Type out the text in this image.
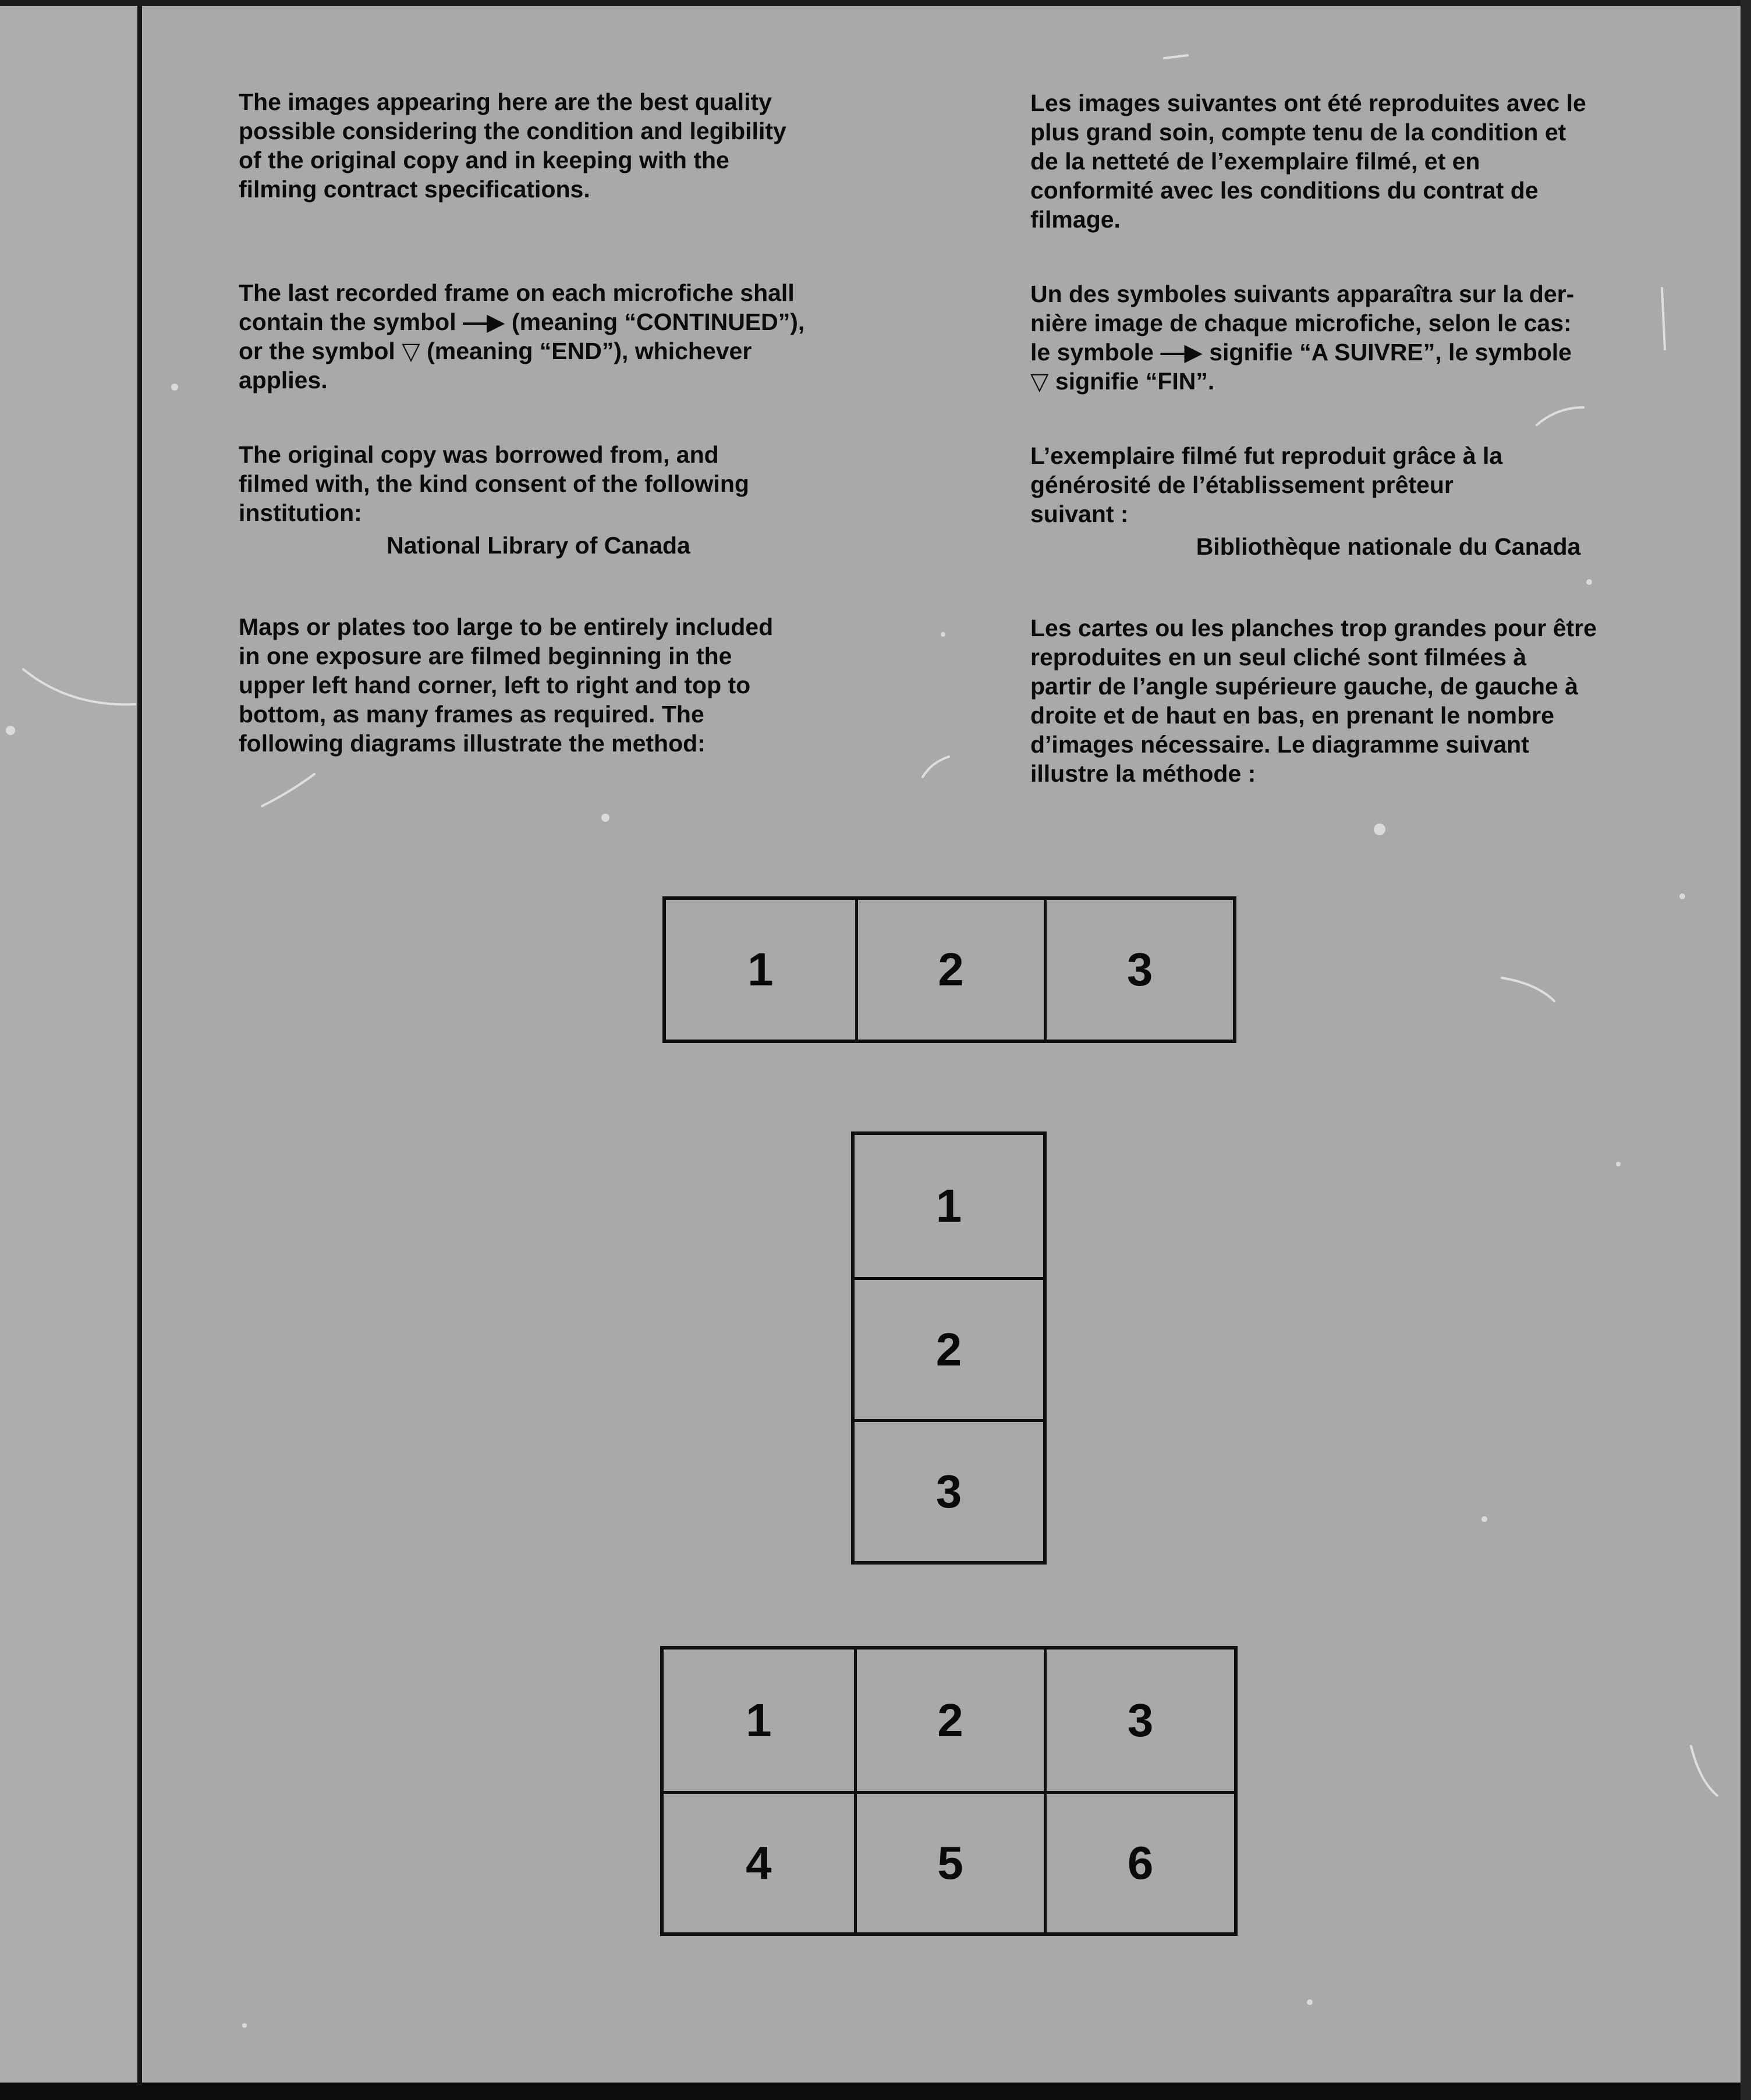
The images appearing here are the best quality
possible considering the condition and legibility
of the original copy and in keeping with the
filming contract specifications.

The last recorded frame on each microfiche shall
contain the symbol —▶ (meaning “CONTINUED”),
or the symbol ▽ (meaning “END”), whichever
applies.

The original copy was borrowed from, and
filmed with, the kind consent of the following
institution:

National Library of Canada

Maps or plates too large to be entirely included
in one exposure are filmed beginning in the
upper left hand corner, left to right and top to
bottom, as many frames as required. The
following diagrams illustrate the method:

Les images suivantes ont été reproduites avec le
plus grand soin, compte tenu de la condition et
de la netteté de l’exemplaire filmé, et en
conformité avec les conditions du contrat de
filmage.

Un des symboles suivants apparaîtra sur la der-
nière image de chaque microfiche, selon le cas:
le symbole —▶ signifie “A SUIVRE”, le symbole
▽ signifie “FIN”.

L’exemplaire filmé fut reproduit grâce à la
générosité de l’établissement prêteur
suivant :

Bibliothèque nationale du Canada

Les cartes ou les planches trop grandes pour être
reproduites en un seul cliché sont filmées à
partir de l’angle supérieure gauche, de gauche à
droite et de haut en bas, en prenant le nombre
d’images nécessaire. Le diagramme suivant
illustre la méthode :

1	2	3
1
2
3
1	2	3
4	5	6
